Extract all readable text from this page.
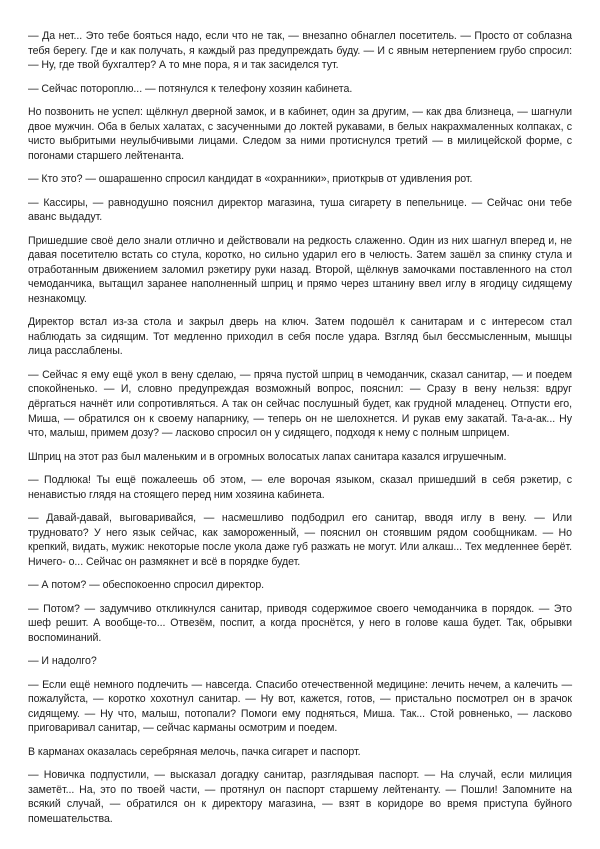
— Да нет... Это тебе бояться надо, если что не так, — внезапно обнаглел посетитель. — Просто от соблазна тебя берегу. Где и как получать, я каждый раз предупреждать буду. — И с явным нетерпением грубо спросил: — Ну, где твой бухгалтер? А то мне пора, я и так засиделся тут.

— Сейчас потороплю... — потянулся к телефону хозяин кабинета.

Но позвонить не успел: щёлкнул дверной замок, и в кабинет, один за другим, — как два близнеца, — шагнули двое мужчин. Оба в белых халатах, с засученными до локтей рукавами, в белых накрахмаленных колпаках, с чисто выбритыми неулыбчивыми лицами. Следом за ними протиснулся третий — в милицейской форме, с погонами старшего лейтенанта.

— Кто это? — ошарашенно спросил кандидат в «охранники», приоткрыв от удивления рот.

— Кассиры, — равнодушно пояснил директор магазина, туша сигарету в пепельнице. — Сейчас они тебе аванс выдадут.

Пришедшие своё дело знали отлично и действовали на редкость слаженно. Один из них шагнул вперед и, не давая посетителю встать со стула, коротко, но сильно ударил его в челюсть. Затем зашёл за спинку стула и отработанным движением заломил рэкетиру руки назад. Второй, щёлкнув замочками поставленного на стол чемоданчика, вытащил заранее наполненный шприц и прямо через штанину ввел иглу в ягодицу сидящему незнакомцу.

Директор встал из-за стола и закрыл дверь на ключ. Затем подошёл к санитарам и с интересом стал наблюдать за сидящим. Тот медленно приходил в себя после удара. Взгляд был бессмысленным, мышцы лица расслаблены.

— Сейчас я ему ещё укол в вену сделаю, — пряча пустой шприц в чемоданчик, сказал санитар, — и поедем спокойненько. — И, словно предупреждая возможный вопрос, пояснил: — Сразу в вену нельзя: вдруг дёргаться начнёт или сопротивляться. А так он сейчас послушный будет, как грудной младенец. Отпусти его, Миша, — обратился он к своему напарнику, — теперь он не шелохнется. И рукав ему закатай. Та-а-ак... Ну что, малыш, примем дозу? — ласково спросил он у сидящего, подходя к нему с полным шприцем.

Шприц на этот раз был маленьким и в огромных волосатых лапах санитара казался игрушечным.

— Подлюка! Ты ещё пожалеешь об этом, — еле ворочая языком, сказал пришедший в себя рэкетир, с ненавистью глядя на стоящего перед ним хозяина кабинета.

— Давай-давай, выговаривайся, — насмешливо подбодрил его санитар, вводя иглу в вену. — Или трудновато? У него язык сейчас, как замороженный, — пояснил он стоявшим рядом сообщникам. — Но крепкий, видать, мужик: некоторые после укола даже губ разжать не могут. Или алкаш... Тех медленнее берёт. Ничего- о... Сейчас он размякнет и всё в порядке будет.

— А потом? — обеспокоенно спросил директор.

— Потом? — задумчиво откликнулся санитар, приводя содержимое своего чемоданчика в порядок. — Это шеф решит. А вообще-то... Отвезём, поспит, а когда проснётся, у него в голове каша будет. Так, обрывки воспоминаний.

— И надолго?

— Если ещё немного подлечить — навсегда. Спасибо отечественной медицине: лечить нечем, а калечить — пожалуйста, — коротко хохотнул санитар. — Ну вот, кажется, готов, — пристально посмотрел он в зрачок сидящему. — Ну что, малыш, потопали? Помоги ему подняться, Миша. Так... Стой ровненько, — ласково приговаривал санитар, — сейчас карманы осмотрим и поедем.

В карманах оказалась серебряная мелочь, пачка сигарет и паспорт.

— Новичка подпустили, — высказал догадку санитар, разглядывая паспорт. — На случай, если милиция заметёт... На, это по твоей части, — протянул он паспорт старшему лейтенанту. — Пошли! Запомните на всякий случай, — обратился он к директору магазина, — взят в коридоре во время приступа буйного помешательства.
